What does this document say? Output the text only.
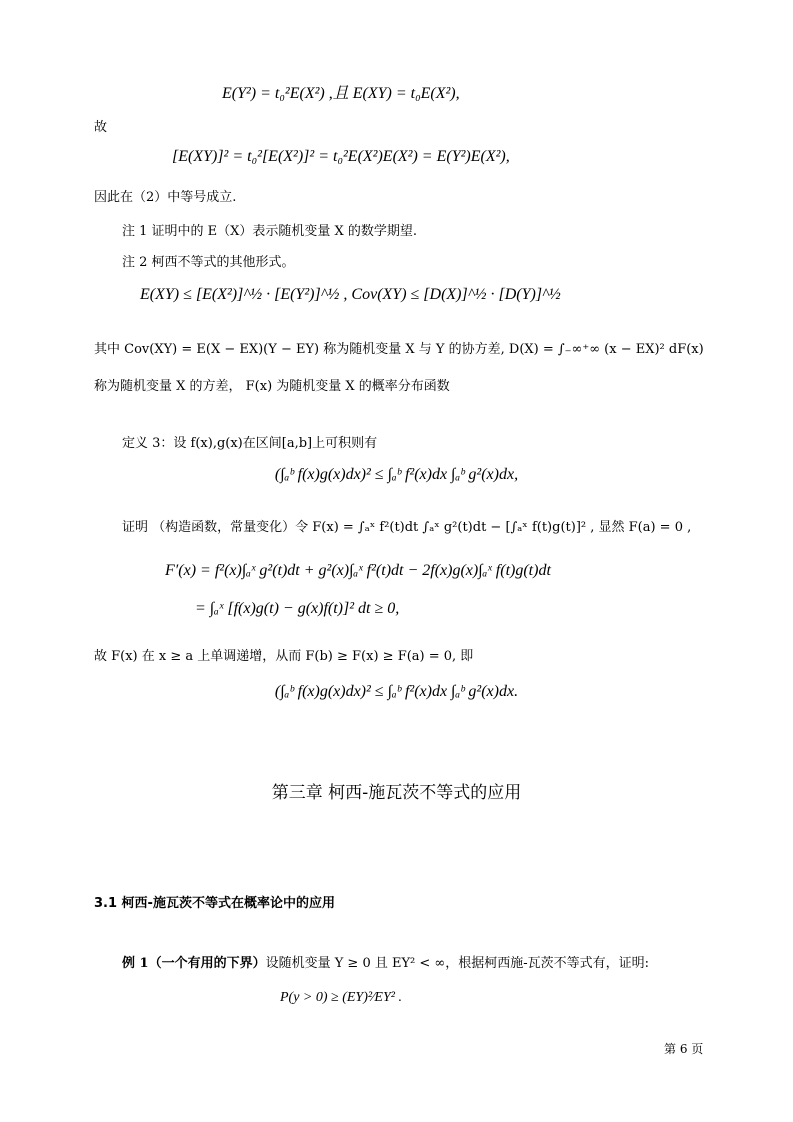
E(Y²) = t₀²E(X²) ,且 E(XY) = t₀E(X²),
故
[E(XY)]² = t₀²[E(X²)]² = t₀²E(X²)E(X²) = E(Y²)E(X²),
因此在（2）中等号成立.
注 1 证明中的 E（X）表示随机变量 X 的数学期望.
注 2 柯西不等式的其他形式。
E(XY) ≤ [E(X²)]^½ · [E(Y²)]^½ , Cov(XY) ≤ [D(X)]^½ · [D(Y)]^½
其中 Cov(XY) = E(X − EX)(Y − EY) 称为随机变量 X 与 Y 的协方差, D(X) = ∫₋∞⁺∞ (x − EX)² dF(x)
称为随机变量 X 的方差， F(x) 为随机变量 X 的概率分布函数
定义 3：设 f(x),g(x)在区间[a,b]上可积则有
(∫ₐᵇ f(x)g(x)dx)² ≤ ∫ₐᵇ f²(x)dx ∫ₐᵇ g²(x)dx,
证明 （构造函数，常量变化）令 F(x) = ∫ₐˣ f²(t)dt ∫ₐˣ g²(t)dt − [∫ₐˣ f(t)g(t)]² , 显然 F(a) = 0 ,
F′(x) = f²(x)∫ₐˣ g²(t)dt + g²(x)∫ₐˣ f²(t)dt − 2f(x)g(x)∫ₐˣ f(t)g(t)dt
= ∫ₐˣ [f(x)g(t) − g(x)f(t)]² dt ≥ 0,
故 F(x) 在 x ≥ a 上单调递增，从而 F(b) ≥ F(x) ≥ F(a) = 0, 即
(∫ₐᵇ f(x)g(x)dx)² ≤ ∫ₐᵇ f²(x)dx ∫ₐᵇ g²(x)dx.
第三章 柯西-施瓦茨不等式的应用
3.1 柯西-施瓦茨不等式在概率论中的应用
例 1（一个有用的下界）设随机变量 Y ≥ 0 且 EY² < ∞，根据柯西施-瓦茨不等式有，证明:
P(y > 0) ≥ (EY)²⁄EY² .
第 6 页
